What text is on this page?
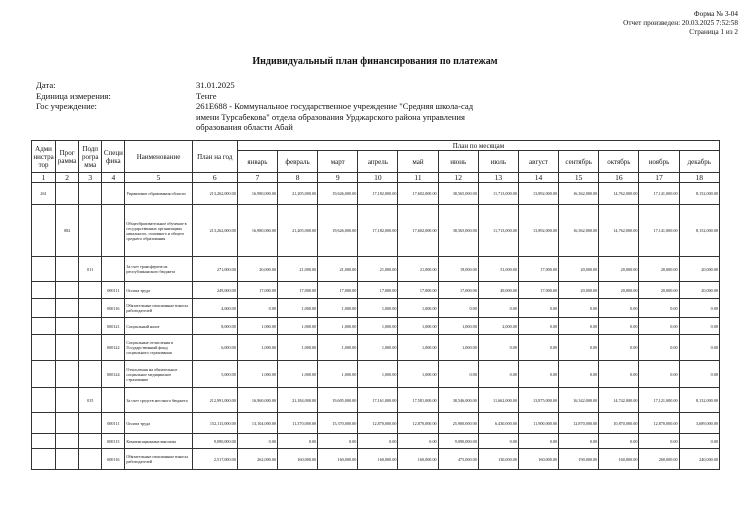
Форма № 3-04
Отчет произведен: 20.03.2025 7:52:58
Страница 1 из 2
Индивидуальный план финансирования по платежам
Дата:	31.01.2025
Единица измерения:	Тенге
Гос учреждение:	261Е688 - Коммунальное государственное учреждение "Средняя школа-сад имени Турсабекова" отдела образования Урджарского района управления образования области Абай
Адми нистра тор	Прог рамма	Подп рогра мма	Специ фика	Наименование	План на год	План по месяцам											
						январь	февраль	март	апрель	май	июнь	июль	август	сентябрь	октябрь	ноябрь	декабрь
1	2	3	4	5	6	7	8	9	10	11	12	13	14	15	16	17	18
261				Управление образования области	213,262,000.00	16,980,000.00	21,205,000.00	19,626,000.00	17,182,000.00	17,602,000.00	38,565,000.00	11,713,000.00	13,892,000.00	16,362,000.00	14,762,000.00	17,141,000.00	8,152,000.00
	082			Общеобразовательное обучение в государственных организациях начального, основного и общего среднего образования	213,262,000.00	16,980,000.00	21,205,000.00	19,626,000.00	17,182,000.00	17,602,000.00	38,565,000.00	11,713,000.00	13,892,000.00	16,362,000.00	14,762,000.00	17,141,000.00	8,152,000.00
		011		За счет трансфертов из республиканского бюджета	271,000.00	20,000.00	21,000.00	21,000.00	21,000.00	21,000.00	19,000.00	51,000.00	17,000.00	20,000.00	20,000.00	20,000.00	20,000.00
			000111	Оплата труда	249,000.00	17,000.00	17,000.00	17,000.00	17,000.00	17,000.00	17,000.00	49,000.00	17,000.00	20,000.00	20,000.00	20,000.00	20,000.00
			000116	Обязательные пенсионные взносы работодателей	4,000.00	0.00	1,000.00	1,000.00	1,000.00	1,000.00	0.00	0.00	0.00	0.00	0.00	0.00	0.00
			000121	Социальный налог	8,000.00	1,000.00	1,000.00	1,000.00	1,000.00	1,000.00	1,000.00	2,000.00	0.00	0.00	0.00	0.00	0.00
			000122	Социальные отчисления в Государственный фонд социального страхования	6,000.00	1,000.00	1,000.00	1,000.00	1,000.00	1,000.00	1,000.00	0.00	0.00	0.00	0.00	0.00	0.00
			000124	Отчисления на обязательное социальное медицинское страхование	5,000.00	1,000.00	1,000.00	1,000.00	1,000.00	1,000.00	0.00	0.00	0.00	0.00	0.00	0.00	0.00
		015		За счет средств местного бюджета	212,991,000.00	16,960,000.00	21,184,000.00	19,605,000.00	17,161,000.00	17,581,000.00	38,546,000.00	11,662,000.00	13,875,000.00	16,342,000.00	14,742,000.00	17,121,000.00	8,132,000.00
			000111	Оплата труда	152,113,000.00	13,104,000.00	11,370,000.00	15,370,000.00	12,870,000.00	12,870,000.00	25,900,000.00	6,430,000.00	11,900,000.00	12,870,000.00	10,870,000.00	12,870,000.00	3,689,000.00
			000113	Компенсационные выплаты	9,090,000.00	0.00	0.00	0.00	0.00	0.00	9,090,000.00	0.00	0.00	0.00	0.00	0.00	0.00
			000116	Обязательные пенсионные взносы работодателей	2,517,000.00	262,000.00	160,000.00	160,000.00	160,000.00	160,000.00	475,000.00	130,000.00	160,000.00	190,000.00	160,000.00	260,000.00	240,000.00
